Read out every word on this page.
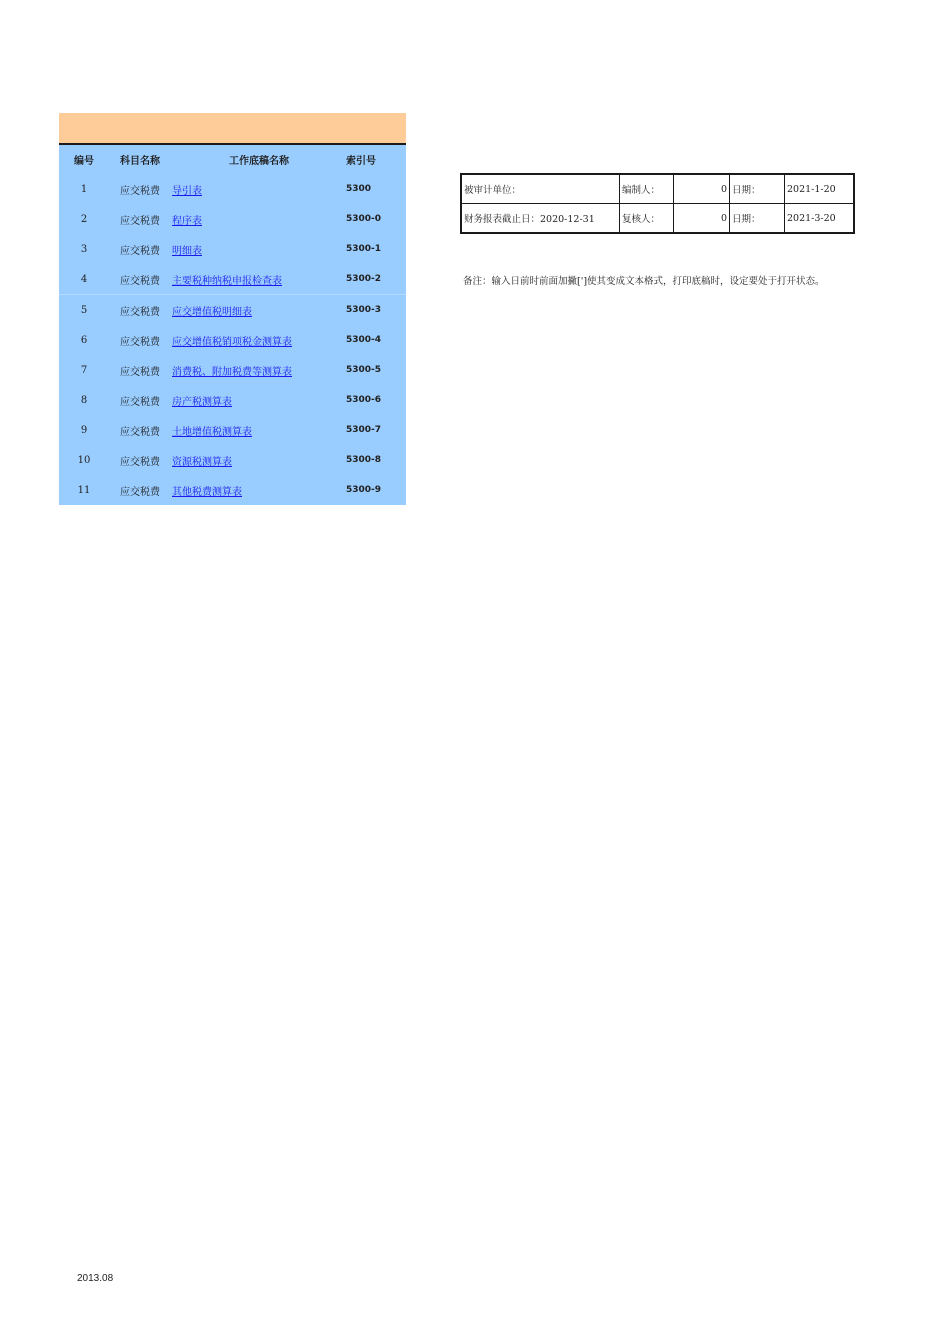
编号	科目名称	工作底稿名称	索引号
1	应交税费	导引表	5300
2	应交税费	程序表	5300-0
3	应交税费	明细表	5300-1
4	应交税费	主要税种纳税申报检查表	5300-2
5	应交税费	应交增值税明细表	5300-3
6	应交税费	应交增值税销项税金测算表	5300-4
7	应交税费	消费税、附加税费等测算表	5300-5
8	应交税费	房产税测算表	5300-6
9	应交税费	土地增值税测算表	5300-7
10	应交税费	资源税测算表	5300-8
11	应交税费	其他税费测算表	5300-9
被审计单位：	编制人：	0	日期：	2021-1-20
财务报表截止日：2020-12-31	复核人：	0	日期：	2021-3-20
备注：输入日前时前面加撇[']使其变成文本格式，打印底稿时，设定要处于打开状态。
2013.08
